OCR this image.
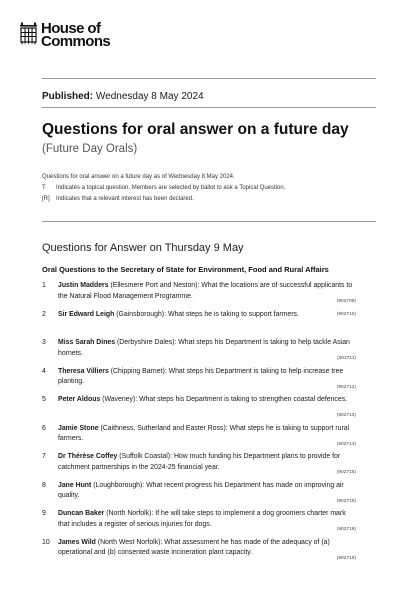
House of
Commons
Published: Wednesday 8 May 2024
Questions for oral answer on a future day
(Future Day Orals)
Questions for oral answer on a future day as of Wednesday 8 May 2024.
T	Indicates a topical question. Members are selected by ballot to ask a Topical Question.
[R]	Indicates that a relevant interest has been declared.
Questions for Answer on Thursday 9 May
Oral Questions to the Secretary of State for Environment, Food and Rural Affairs
1 Justin Madders (Ellesmere Port and Neston): What the locations are of successful applicants to the Natural Flood Management Programme.
(902709)
2 Sir Edward Leigh (Gainsborough): What steps he is taking to support farmers.	(902710)
3 Miss Sarah Dines (Derbyshire Dales): What steps his Department is taking to help tackle Asian hornets.
(902711)
4 Theresa Villiers (Chipping Barnet): What steps his Department is taking to help increase tree planting.
(902712)
5 Peter Aldous (Waveney): What steps his Department is taking to strengthen coastal defences.
(902713)
6 Jamie Stone (Caithness, Sutherland and Easter Ross): What steps he is taking to support rural farmers.
(902714)
7 Dr Thérèse Coffey (Suffolk Coastal): How much funding his Department plans to provide for catchment partnerships in the 2024-25 financial year.
(902715)
8 Jane Hunt (Loughborough): What recent progress his Department has made on improving air quality.
(902716)
9 Duncan Baker (North Norfolk): If he will take steps to implement a dog groomers charter mark that includes a register of serious injuries for dogs.
(902718)
10 James Wild (North West Norfolk): What assessment he has made of the adequacy of (a) operational and (b) consented waste incineration plant capacity.
(902719)
